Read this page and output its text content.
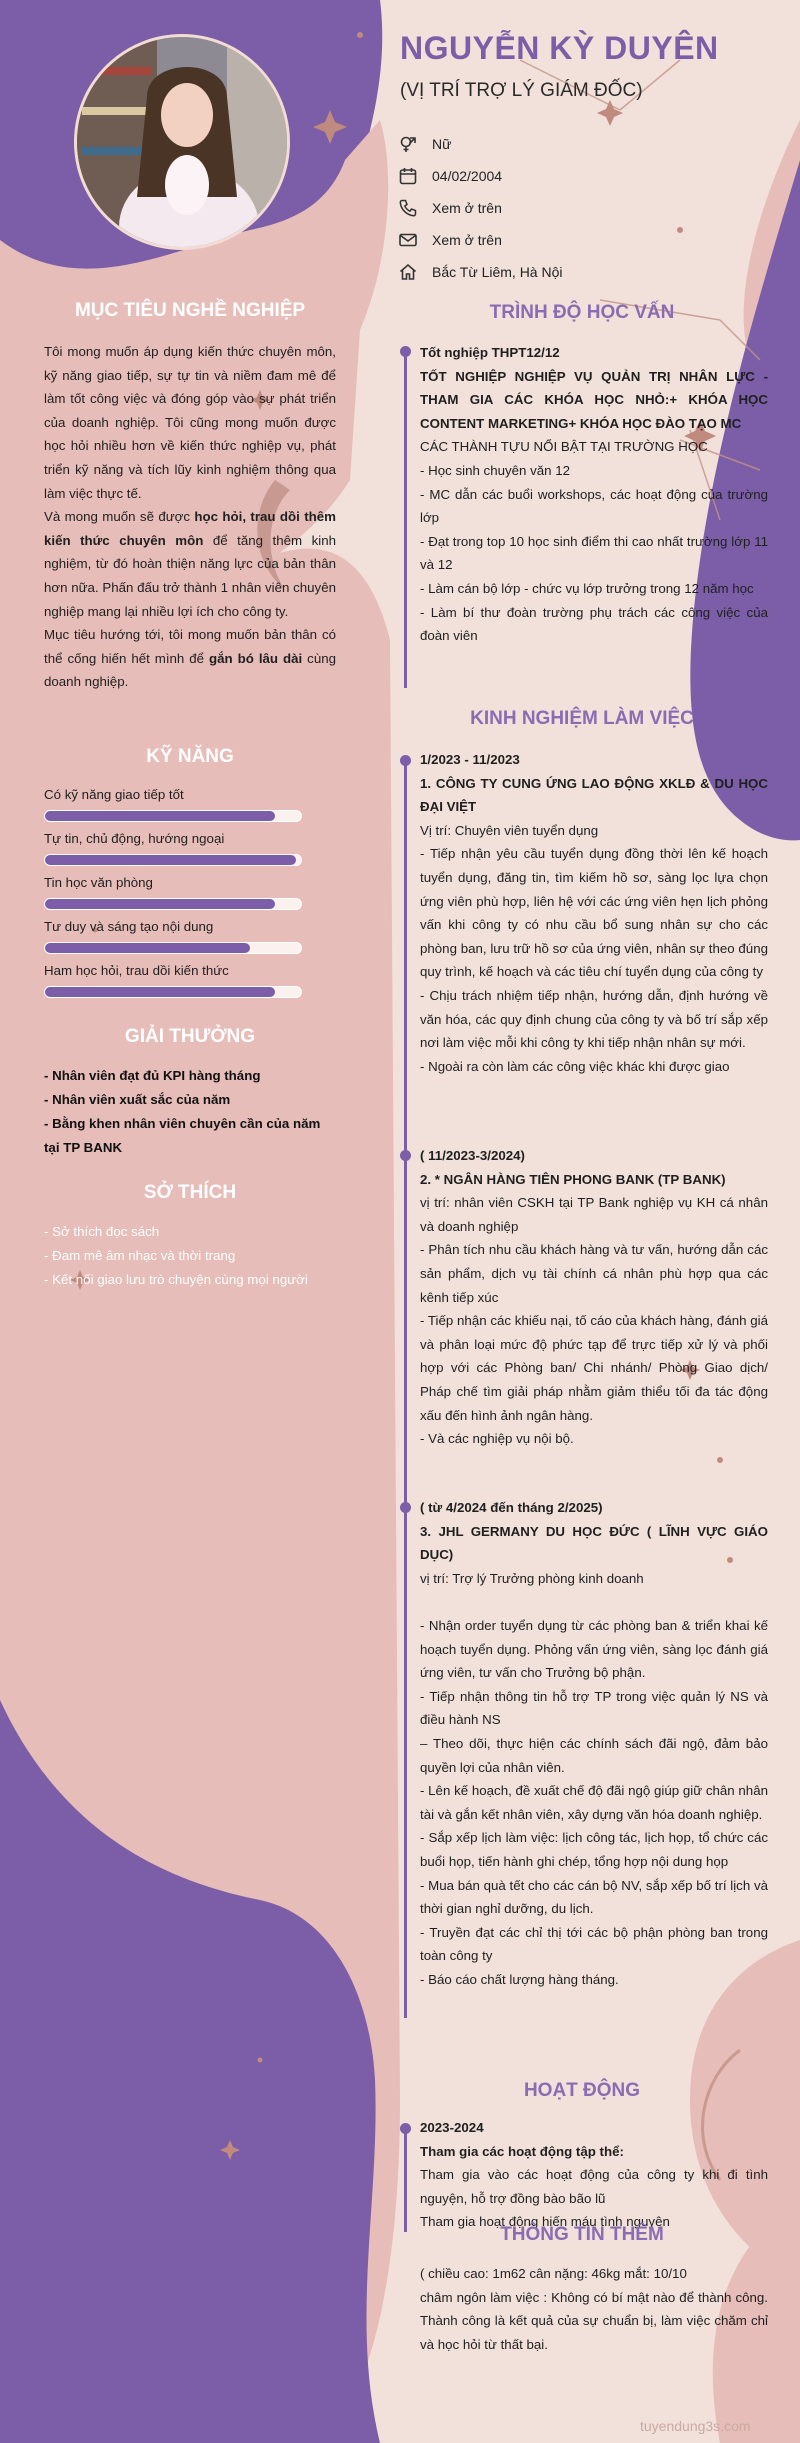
NGUYỄN KỲ DUYÊN
(VỊ TRÍ TRỢ LÝ GIÁM ĐỐC)
Nữ
04/02/2004
Xem ở trên
Xem ở trên
Bắc Từ Liêm, Hà Nội
MỤC TIÊU NGHỀ NGHIỆP
Tôi mong muốn áp dụng kiến thức chuyên môn, kỹ năng giao tiếp, sự tự tin và niềm đam mê để làm tốt công việc và đóng góp vào sự phát triển của doanh nghiệp. Tôi cũng mong muốn được học hỏi nhiều hơn về kiến thức nghiệp vụ, phát triển kỹ năng và tích lũy kinh nghiệm thông qua làm việc thực tế.
Và mong muốn sẽ được học hỏi, trau dồi thêm kiến thức chuyên môn để tăng thêm kinh nghiệm, từ đó hoàn thiện năng lực của bản thân hơn nữa. Phấn đấu trở thành 1 nhân viên chuyên nghiệp mang lại nhiều lợi ích cho công ty.
Mục tiêu hướng tới, tôi mong muốn bản thân có thể cống hiến hết mình để gắn bó lâu dài cùng doanh nghiệp.
KỸ NĂNG
Có kỹ năng giao tiếp tốt
Tự tin, chủ động, hướng ngoại
Tin học văn phòng
Tư duy và sáng tạo nội dung
Ham học hỏi, trau dồi kiến thức
GIẢI THƯỞNG
- Nhân viên đạt đủ KPI hàng tháng
- Nhân viên xuất sắc của năm
- Bằng khen nhân viên chuyên cần của năm tại TP BANK
SỞ THÍCH
- Sở thích đọc sách
- Đam mê âm nhạc và thời trang
- Kết nối giao lưu trò chuyện cùng mọi người
TRÌNH ĐỘ HỌC VẤN
Tốt nghiệp THPT12/12
TỐT NGHIỆP NGHIỆP VỤ QUẢN TRỊ NHÂN LỰC - THAM GIA CÁC KHÓA HỌC NHỎ:+ KHÓA HỌC CONTENT MARKETING+ KHÓA HỌC ĐÀO TẠO MC
CÁC THÀNH TỰU NỔI BẬT TẠI TRƯỜNG HỌC
- Học sinh chuyên văn 12
- MC dẫn các buổi workshops, các hoạt động của trường lớp
- Đạt trong top 10 học sinh điểm thi cao nhất trường lớp 11 và 12
- Làm cán bộ lớp - chức vụ lớp trưởng trong 12 năm học
- Làm bí thư đoàn trường phụ trách các công việc của đoàn viên
KINH NGHIỆM LÀM VIỆC
1/2023 - 11/2023
1. CÔNG TY CUNG ỨNG LAO ĐỘNG XKLĐ & DU HỌC ĐẠI VIỆT
Vị trí: Chuyên viên tuyển dụng
- Tiếp nhận yêu cầu tuyển dụng đồng thời lên kế hoạch tuyển dụng, đăng tin, tìm kiếm hồ sơ, sàng lọc lựa chọn ứng viên phù hợp, liên hệ với các ứng viên hẹn lịch phỏng vấn khi công ty có nhu cầu bổ sung nhân sự cho các phòng ban, lưu trữ hồ sơ của ứng viên, nhân sự theo đúng quy trình, kế hoạch và các tiêu chí tuyển dụng của công ty
- Chịu trách nhiệm tiếp nhận, hướng dẫn, định hướng về văn hóa, các quy định chung của công ty và bố trí sắp xếp nơi làm việc mỗi khi công ty khi tiếp nhận nhân sự mới.
- Ngoài ra còn làm các công việc khác khi được giao
( 11/2023-3/2024)
2. * NGÂN HÀNG TIÊN PHONG BANK (TP BANK)
vị trí: nhân viên CSKH tại TP Bank nghiệp vụ KH cá nhân và doanh nghiệp
- Phân tích nhu cầu khách hàng và tư vấn, hướng dẫn các sản phẩm, dịch vụ tài chính cá nhân phù hợp qua các kênh tiếp xúc
- Tiếp nhận các khiếu nại, tố cáo của khách hàng, đánh giá và phân loại mức độ phức tạp để trực tiếp xử lý và phối hợp với các Phòng ban/ Chi nhánh/ Phòng Giao dịch/ Pháp chế tìm giải pháp nhằm giảm thiểu tối đa tác động xấu đến hình ảnh ngân hàng.
- Và các nghiệp vụ nội bộ.
( từ 4/2024 đến tháng 2/2025)
3. JHL GERMANY DU HỌC ĐỨC ( LĨNH VỰC GIÁO DỤC)
vị trí: Trợ lý Trưởng phòng kinh doanh
- Nhận order tuyển dụng từ các phòng ban & triển khai kế hoạch tuyển dụng. Phỏng vấn ứng viên, sàng lọc đánh giá ứng viên, tư vấn cho Trưởng bộ phận.
- Tiếp nhận thông tin hỗ trợ TP trong việc quản lý NS và điều hành NS
– Theo dõi, thực hiện các chính sách đãi ngộ, đảm bảo quyền lợi của nhân viên.
- Lên kế hoạch, đề xuất chế độ đãi ngộ giúp giữ chân nhân tài và gắn kết nhân viên, xây dựng văn hóa doanh nghiệp.
- Sắp xếp lịch làm việc: lịch công tác, lịch họp, tổ chức các buổi họp, tiến hành ghi chép, tổng hợp nội dung họp
- Mua bán quà tết cho các cán bộ NV, sắp xếp bố trí lịch và thời gian nghỉ dưỡng, du lịch.
- Truyền đạt các chỉ thị tới các bộ phận phòng ban trong toàn công ty
- Báo cáo chất lượng hàng tháng.
HOẠT ĐỘNG
2023-2024
Tham gia các hoạt động tập thể:
Tham gia vào các hoạt động của công ty khi đi tình nguyện, hỗ trợ đồng bào bão lũ
Tham gia hoạt động hiến máu tình nguyện
THÔNG TIN THÊM
( chiều cao: 1m62 cân nặng: 46kg mắt: 10/10
châm ngôn làm việc : Không có bí mật nào để thành công. Thành công là kết quả của sự chuẩn bị, làm việc chăm chỉ và học hỏi từ thất bại.
tuyendung3s.com
